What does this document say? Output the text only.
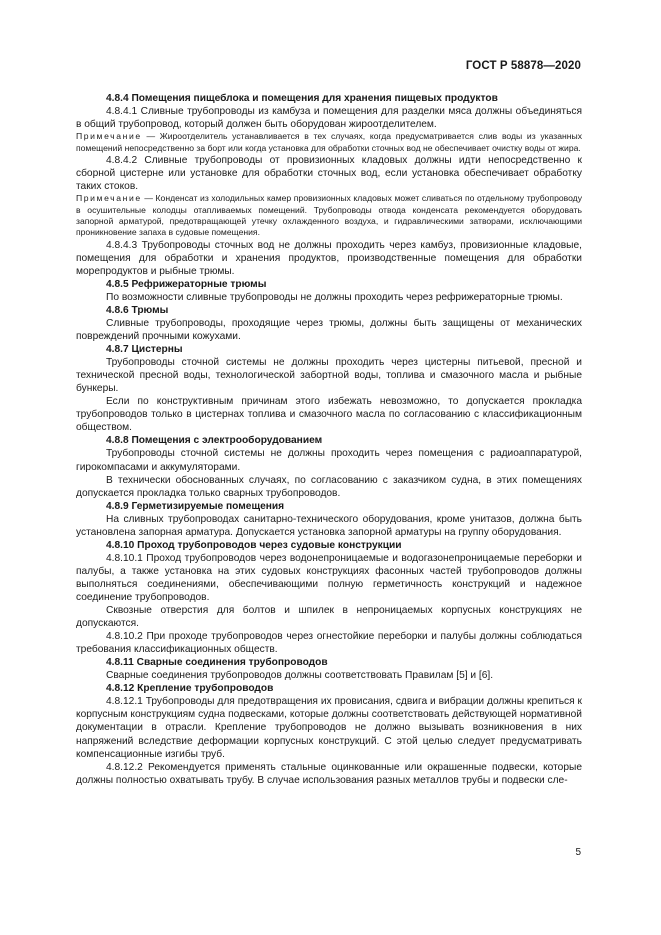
ГОСТ Р 58878—2020
4.8.4 Помещения пищеблока и помещения для хранения пищевых продуктов

4.8.4.1 Сливные трубопроводы из камбуза и помещения для разделки мяса должны объединяться в общий трубопровод, который должен быть оборудован жироотделителем.

Примечание — Жироотделитель устанавливается в тех случаях, когда предусматривается слив воды из указанных помещений непосредственно за борт или когда установка для обработки сточных вод не обеспечивает очистку воды от жира.

4.8.4.2 Сливные трубопроводы от провизионных кладовых должны идти непосредственно к сборной цистерне или установке для обработки сточных вод, если установка обеспечивает обработку таких стоков.

Примечание — Конденсат из холодильных камер провизионных кладовых может сливаться по отдельному трубопроводу в осушительные колодцы отапливаемых помещений. Трубопроводы отвода конденсата рекомендуется оборудовать запорной арматурой, предотвращающей утечку охлажденного воздуха, и гидравлическими затворами, исключающими проникновение запаха в судовые помещения.

4.8.4.3 Трубопроводы сточных вод не должны проходить через камбуз, провизионные кладовые, помещения для обработки и хранения продуктов, производственные помещения для обработки морепродуктов и рыбные трюмы.

4.8.5 Рефрижераторные трюмы

По возможности сливные трубопроводы не должны проходить через рефрижераторные трюмы.

4.8.6 Трюмы

Сливные трубопроводы, проходящие через трюмы, должны быть защищены от механических повреждений прочными кожухами.

4.8.7 Цистерны

Трубопроводы сточной системы не должны проходить через цистерны питьевой, пресной и технической пресной воды, технологической забортной воды, топлива и смазочного масла и рыбные бункеры.

Если по конструктивным причинам этого избежать невозможно, то допускается прокладка трубопроводов только в цистернах топлива и смазочного масла по согласованию с классификационным обществом.

4.8.8 Помещения с электрооборудованием

Трубопроводы сточной системы не должны проходить через помещения с радиоаппаратурой, гирокомпасами и аккумуляторами.

В технически обоснованных случаях, по согласованию с заказчиком судна, в этих помещениях допускается прокладка только сварных трубопроводов.

4.8.9 Герметизируемые помещения

На сливных трубопроводах санитарно-технического оборудования, кроме унитазов, должна быть установлена запорная арматура. Допускается установка запорной арматуры на группу оборудования.

4.8.10 Проход трубопроводов через судовые конструкции

4.8.10.1 Проход трубопроводов через водонепроницаемые и водогазонепроницаемые переборки и палубы, а также установка на этих судовых конструкциях фасонных частей трубопроводов должны выполняться соединениями, обеспечивающими полную герметичность конструкций и надежное соединение трубопроводов.

Сквозные отверстия для болтов и шпилек в непроницаемых корпусных конструкциях не допускаются.

4.8.10.2 При проходе трубопроводов через огнестойкие переборки и палубы должны соблюдаться требования классификационных обществ.

4.8.11 Сварные соединения трубопроводов

Сварные соединения трубопроводов должны соответствовать Правилам [5] и [6].

4.8.12 Крепление трубопроводов

4.8.12.1 Трубопроводы для предотвращения их провисания, сдвига и вибрации должны крепиться к корпусным конструкциям судна подвесками, которые должны соответствовать действующей нормативной документации в отрасли. Крепление трубопроводов не должно вызывать возникновения в них напряжений вследствие деформации корпусных конструкций. С этой целью следует предусматривать компенсационные изгибы труб.

4.8.12.2 Рекомендуется применять стальные оцинкованные или окрашенные подвески, которые должны полностью охватывать трубу. В случае использования разных металлов трубы и подвески сле-

5
